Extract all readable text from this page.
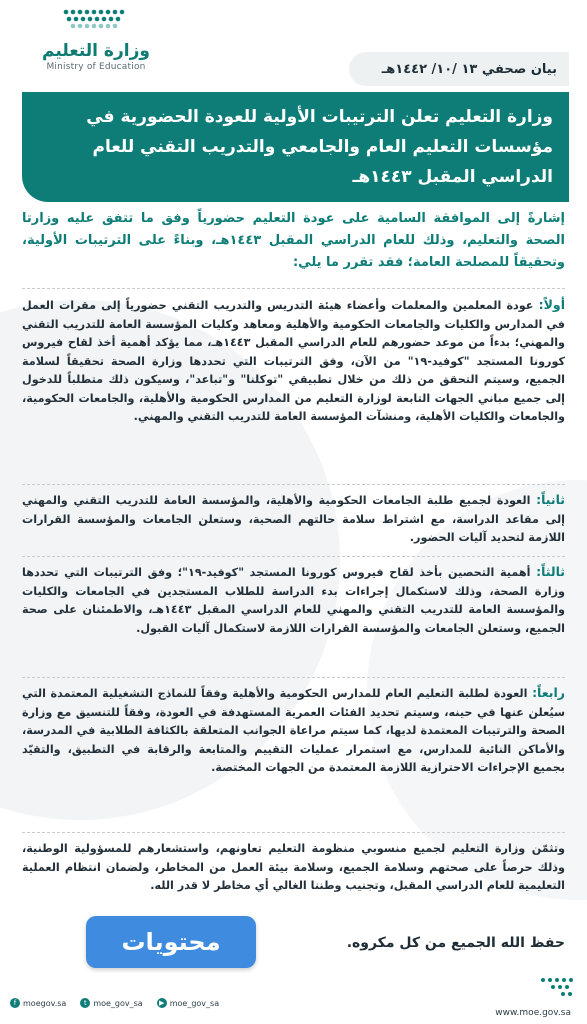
وزارة التعليم
Ministry of Education	بيان صحفي ١٣ /١٠/ ١٤٤٢هـ
وزارة التعليم تعلن الترتيبات الأولية للعودة الحضورية في مؤسسات التعليم العام والجامعي والتدريب التقني للعام الدراسي المقبل ١٤٤٣هـ
إشارةً إلى الموافقة السامية على عودة التعليم حضورياً وفق ما تتفق عليه وزارتا الصحة والتعليم، وذلك للعام الدراسي المقبل ١٤٤٣هـ، وبناءً على الترتيبات الأولية، وتحقيقاً للمصلحة العامة؛ فقد تقرر ما يلي:
أولاً: عودة المعلمين والمعلمات وأعضاء هيئة التدريس والتدريب التقني حضورياً إلى مقرات العمل في المدارس والكليات والجامعات الحكومية والأهلية ومعاهد وكليات المؤسسة العامة للتدريب التقني والمهني؛ بدءاً من موعد حضورهم للعام الدراسي المقبل ١٤٤٣هـ، مما يؤكد أهمية أخذ لقاح فيروس كورونا المستجد "كوفيد-١٩" من الآن، وفق الترتيبات التي تحددها وزارة الصحة تحقيقاً لسلامة الجميع، وسيتم التحقق من ذلك من خلال تطبيقي "توكلنا" و"تباعد"، وسيكون ذلك متطلباً للدخول إلى جميع مباني الجهات التابعة لوزارة التعليم من المدارس الحكومية والأهلية، والجامعات الحكومية، والجامعات والكليات الأهلية، ومنشآت المؤسسة العامة للتدريب التقني والمهني.
ثانياً: العودة لجميع طلبة الجامعات الحكومية والأهلية، والمؤسسة العامة للتدريب التقني والمهني إلى مقاعد الدراسة، مع اشتراط سلامة حالتهم الصحية، وستعلن الجامعات والمؤسسة القرارات اللازمة لتحديد آليات الحضور.
ثالثاً: أهمية التحصين بأخذ لقاح فيروس كورونا المستجد "كوفيد-١٩"؛ وفق الترتيبات التي تحددها وزارة الصحة، وذلك لاستكمال إجراءات بدء الدراسة للطلاب المستجدين في الجامعات والكليات والمؤسسة العامة للتدريب التقني والمهني للعام الدراسي المقبل ١٤٤٣هـ، والاطمئنان على صحة الجميع، وستعلن الجامعات والمؤسسة القرارات اللازمة لاستكمال آليات القبول.
رابعاً: العودة لطلبة التعليم العام للمدارس الحكومية والأهلية وفقاً للنماذج التشغيلية المعتمدة التي سيُعلن عنها في حينه، وسيتم تحديد الفئات العمرية المستهدفة في العودة، وفقاً للتنسيق مع وزارة الصحة والترتيبات المعتمدة لديها، كما سيتم مراعاة الجوانب المتعلقة بالكثافة الطلابية في المدرسة، والأماكن النائية للمدارس، مع استمرار عمليات التقييم والمتابعة والرقابة في التطبيق، والتقيّد بجميع الإجراءات الاحترازية اللازمة المعتمدة من الجهات المختصة.
وتثمّن وزارة التعليم لجميع منسوبي منظومة التعليم تعاونهم، واستشعارهم للمسؤولية الوطنية، وذلك حرصاً على صحتهم وسلامة الجميع، وسلامة بيئة العمل من المخاطر، ولضمان انتظام العملية التعليمية للعام الدراسي المقبل، وتجنيب وطننا الغالي أي مخاطر لا قدر الله.
حفظ الله الجميع من كل مكروه.
محتويات
f moegov.sa	t moe_gov_sa	▶ moe_gov_sa
www.moe.gov.sa
